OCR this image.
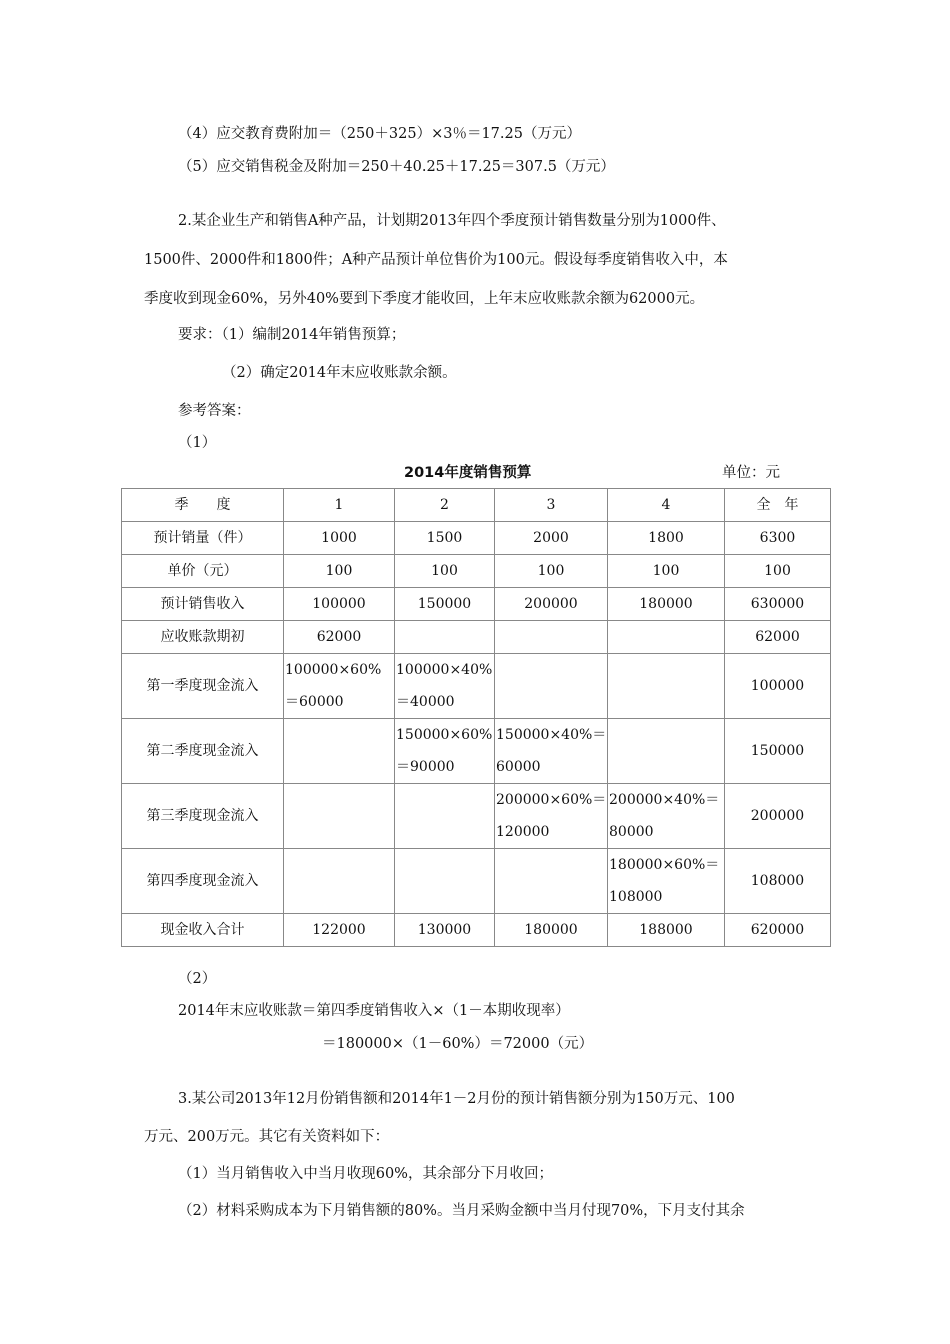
（4）应交教育费附加＝（250＋325）×3％＝17.25（万元）
（5）应交销售税金及附加＝250＋40.25＋17.25＝307.5（万元）
2.某企业生产和销售A种产品，计划期2013年四个季度预计销售数量分别为1000件、
1500件、2000件和1800件；A种产品预计单位售价为100元。假设每季度销售收入中，本
季度收到现金60%，另外40%要到下季度才能收回，上年末应收账款余额为62000元。
要求：（1）编制2014年销售预算；
（2）确定2014年末应收账款余额。
参考答案：
（1）
2014年度销售预算	单位：元
季　　度	1	2	3	4	全　年
预计销量（件）	1000	1500	2000	1800	6300
单价（元）	100	100	100	100	100
预计销售收入	100000	150000	200000	180000	630000
应收账款期初	62000				62000
第一季度现金流入	100000×60%＝60000	100000×40%＝40000			100000
第二季度现金流入		150000×60%＝90000	150000×40%＝60000		150000
第三季度现金流入			200000×60%＝120000	200000×40%＝80000	200000
第四季度现金流入				180000×60%＝108000	108000
现金收入合计	122000	130000	180000	188000	620000
（2）
2014年末应收账款＝第四季度销售收入×（1－本期收现率）
＝180000×（1－60%）＝72000（元）
3.某公司2013年12月份销售额和2014年1－2月份的预计销售额分别为150万元、100
万元、200万元。其它有关资料如下：
（1）当月销售收入中当月收现60%，其余部分下月收回；
（2）材料采购成本为下月销售额的80%。当月采购金额中当月付现70%，下月支付其余
